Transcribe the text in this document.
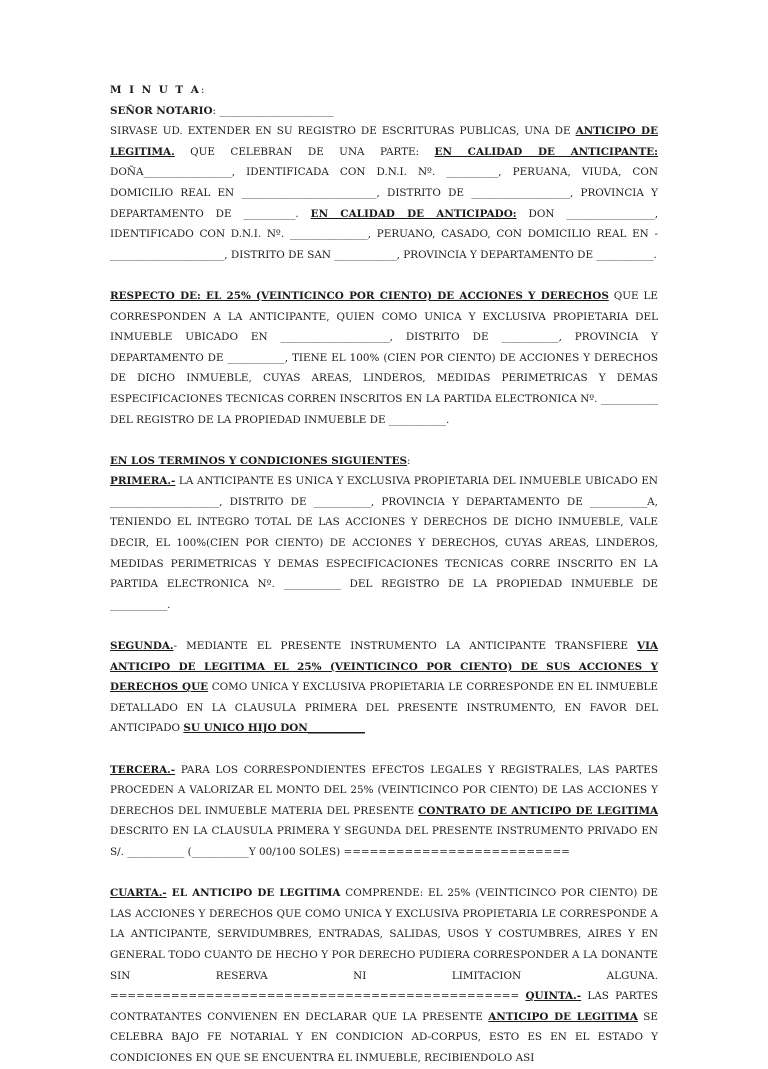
M I N U T A:

SEÑOR NOTARIO: ______________________

SIRVASE UD. EXTENDER EN SU REGISTRO DE ESCRITURAS PUBLICAS, UNA DE ANTICIPO DE LEGITIMA. QUE CELEBRAN DE UNA PARTE: EN CALIDAD DE ANTICIPANTE: DOÑA_________________, IDENTIFICADA CON D.N.I. Nº. __________, PERUANA, VIUDA, CON DOMICILIO REAL EN __________________________, DISTRITO DE ___________________, PROVINCIA Y DEPARTAMENTO DE __________. EN CALIDAD DE ANTICIPADO: DON _________________, IDENTIFICADO CON D.N.I. Nº. _______________, PERUANO, CASADO, CON DOMICILIO REAL EN - ______________________, DISTRITO DE SAN ____________, PROVINCIA Y DEPARTAMENTO DE ___________.

RESPECTO DE: EL 25% (VEINTICINCO POR CIENTO) DE ACCIONES Y DERECHOS QUE LE CORRESPONDEN A LA ANTICIPANTE, QUIEN COMO UNICA Y EXCLUSIVA PROPIETARIA DEL INMUEBLE UBICADO EN _____________________, DISTRITO DE ___________, PROVINCIA Y DEPARTAMENTO DE ___________, TIENE EL 100% (CIEN POR CIENTO) DE ACCIONES Y DERECHOS DE DICHO INMUEBLE, CUYAS AREAS, LINDEROS, MEDIDAS PERIMETRICAS Y DEMAS ESPECIFICACIONES TECNICAS CORREN INSCRITOS EN LA PARTIDA ELECTRONICA Nº. ___________ DEL REGISTRO DE LA PROPIEDAD INMUEBLE DE ___________.

EN LOS TERMINOS Y CONDICIONES SIGUIENTES:

PRIMERA.- LA ANTICIPANTE ES UNICA Y EXCLUSIVA PROPIETARIA DEL INMUEBLE UBICADO EN _____________________, DISTRITO DE ___________, PROVINCIA Y DEPARTAMENTO DE ___________A, TENIENDO EL INTEGRO TOTAL DE LAS ACCIONES Y DERECHOS DE DICHO INMUEBLE, VALE DECIR, EL 100%(CIEN POR CIENTO) DE ACCIONES Y DERECHOS, CUYAS AREAS, LINDEROS, MEDIDAS PERIMETRICAS Y DEMAS ESPECIFICACIONES TECNICAS CORRE INSCRITO EN LA PARTIDA ELECTRONICA Nº. ___________ DEL REGISTRO DE LA PROPIEDAD INMUEBLE DE ___________.

SEGUNDA.- MEDIANTE EL PRESENTE INSTRUMENTO LA ANTICIPANTE TRANSFIERE VIA ANTICIPO DE LEGITIMA EL 25% (VEINTICINCO POR CIENTO) DE SUS ACCIONES Y DERECHOS QUE COMO UNICA Y EXCLUSIVA PROPIETARIA LE CORRESPONDE EN EL INMUEBLE DETALLADO EN LA CLAUSULA PRIMERA DEL PRESENTE INSTRUMENTO, EN FAVOR DEL ANTICIPADO SU UNICO HIJO DON___________

TERCERA.- PARA LOS CORRESPONDIENTES EFECTOS LEGALES Y REGISTRALES, LAS PARTES PROCEDEN A VALORIZAR EL MONTO DEL 25% (VEINTICINCO POR CIENTO) DE LAS ACCIONES Y DERECHOS DEL INMUEBLE MATERIA DEL PRESENTE CONTRATO DE ANTICIPO DE LEGITIMA DESCRITO EN LA CLAUSULA PRIMERA Y SEGUNDA DEL PRESENTE INSTRUMENTO PRIVADO EN S/. ___________ (___________Y 00/100 SOLES) ==========================

CUARTA.- EL ANTICIPO DE LEGITIMA COMPRENDE: EL 25% (VEINTICINCO POR CIENTO) DE LAS ACCIONES Y DERECHOS QUE COMO UNICA Y EXCLUSIVA PROPIETARIA LE CORRESPONDE A LA ANTICIPANTE, SERVIDUMBRES, ENTRADAS, SALIDAS, USOS Y COSTUMBRES, AIRES Y EN GENERAL TODO CUANTO DE HECHO Y POR DERECHO PUDIERA CORRESPONDER A LA DONANTE SIN RESERVA NI LIMITACION ALGUNA. =============================================== QUINTA.- LAS PARTES CONTRATANTES CONVIENEN EN DECLARAR QUE LA PRESENTE ANTICIPO DE LEGITIMA SE CELEBRA BAJO FE NOTARIAL Y EN CONDICION AD-CORPUS, ESTO ES EN EL ESTADO Y CONDICIONES EN QUE SE ENCUENTRA EL INMUEBLE, RECIBIENDOLO ASI
